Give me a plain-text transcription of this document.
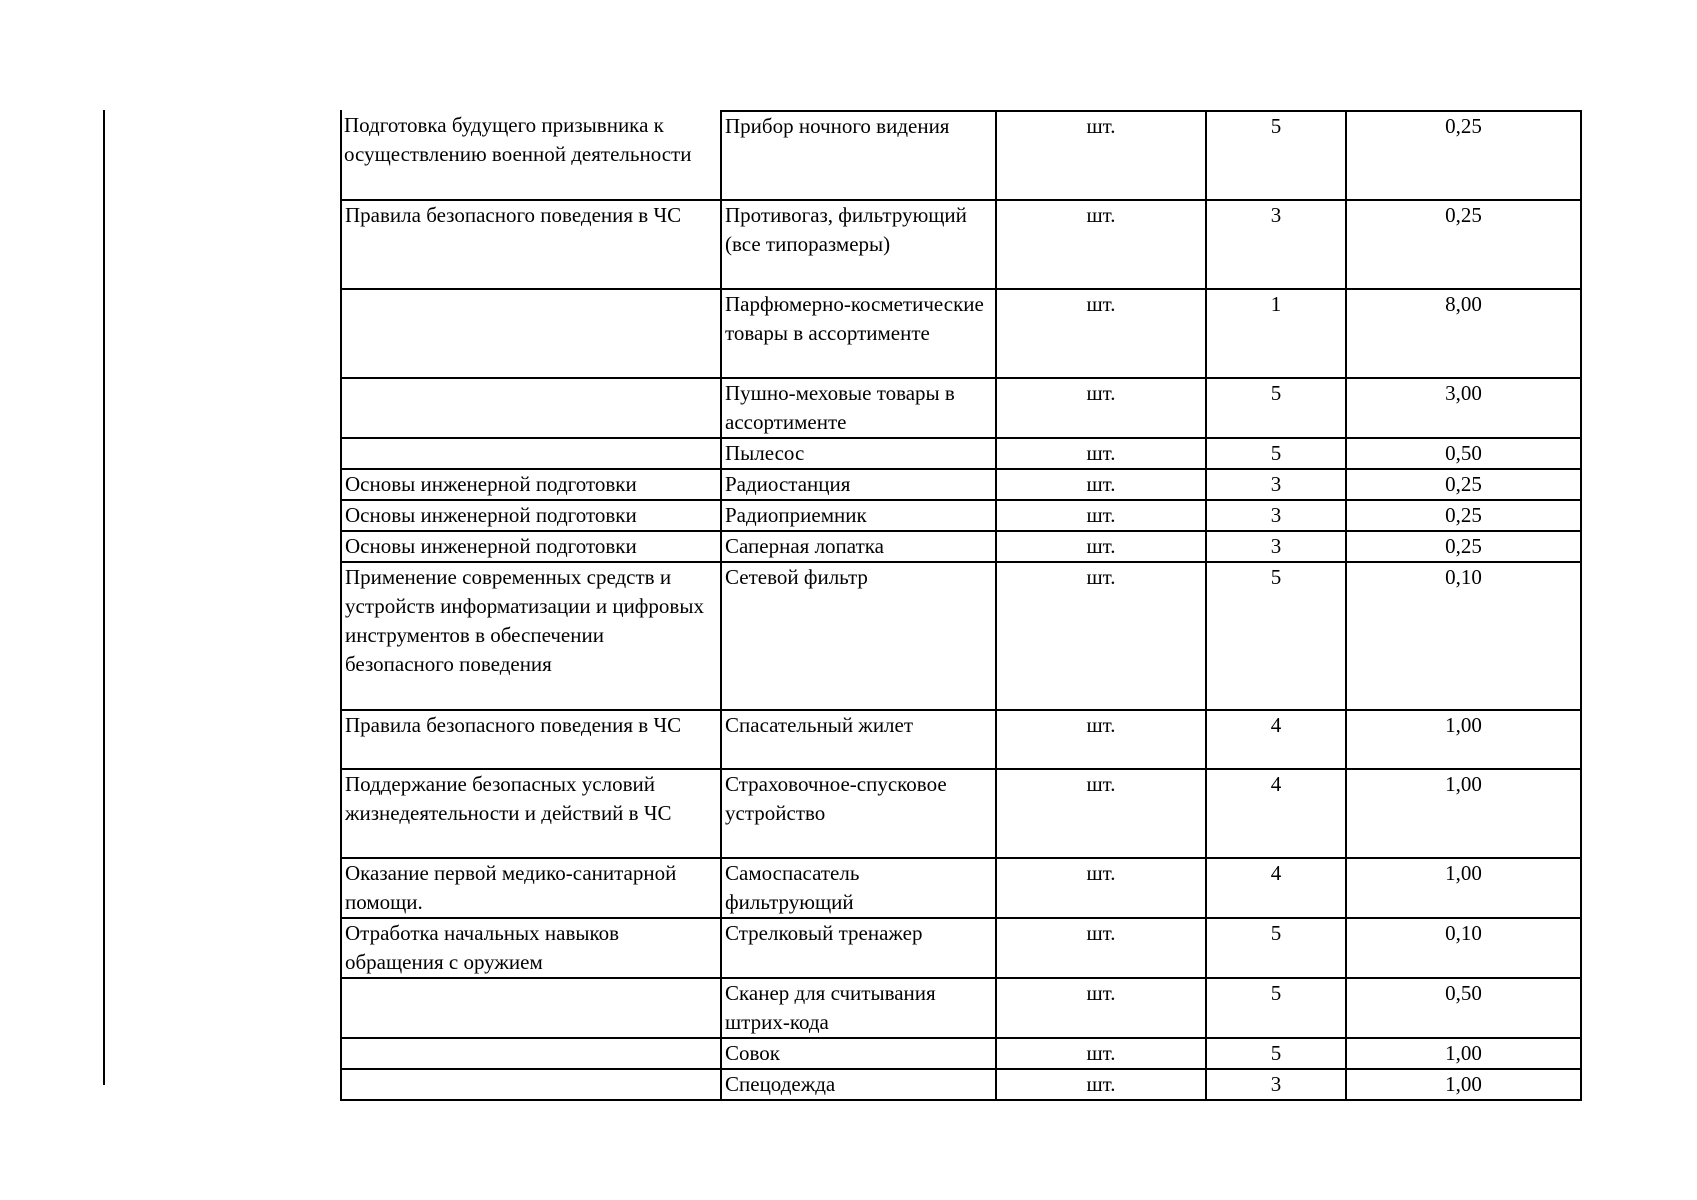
Подготовка будущего призывника к осуществлению военной деятельности	Прибор ночного видения	шт.	5	0,25
Правила безопасного поведения в ЧС	Противогаз, фильтрующий (все типоразмеры)	шт.	3	0,25
	Парфюмерно-косметические товары в ассортименте	шт.	1	8,00
	Пушно-меховые товары в ассортименте	шт.	5	3,00
	Пылесос	шт.	5	0,50
Основы инженерной подготовки	Радиостанция	шт.	3	0,25
Основы инженерной подготовки	Радиоприемник	шт.	3	0,25
Основы инженерной подготовки	Саперная лопатка	шт.	3	0,25
Применение современных средств и устройств информатизации и цифровых инструментов в обеспечении безопасного поведения	Сетевой фильтр	шт.	5	0,10
Правила безопасного поведения в ЧС	Спасательный жилет	шт.	4	1,00
Поддержание безопасных условий жизнедеятельности и действий в ЧС	Страховочное-спусковое устройство	шт.	4	1,00
Оказание первой медико-санитарной помощи.	Самоспасатель фильтрующий	шт.	4	1,00
Отработка начальных навыков обращения с оружием	Стрелковый тренажер	шт.	5	0,10
	Сканер для считывания штрих-кода	шт.	5	0,50
	Совок	шт.	5	1,00
	Спецодежда	шт.	3	1,00
